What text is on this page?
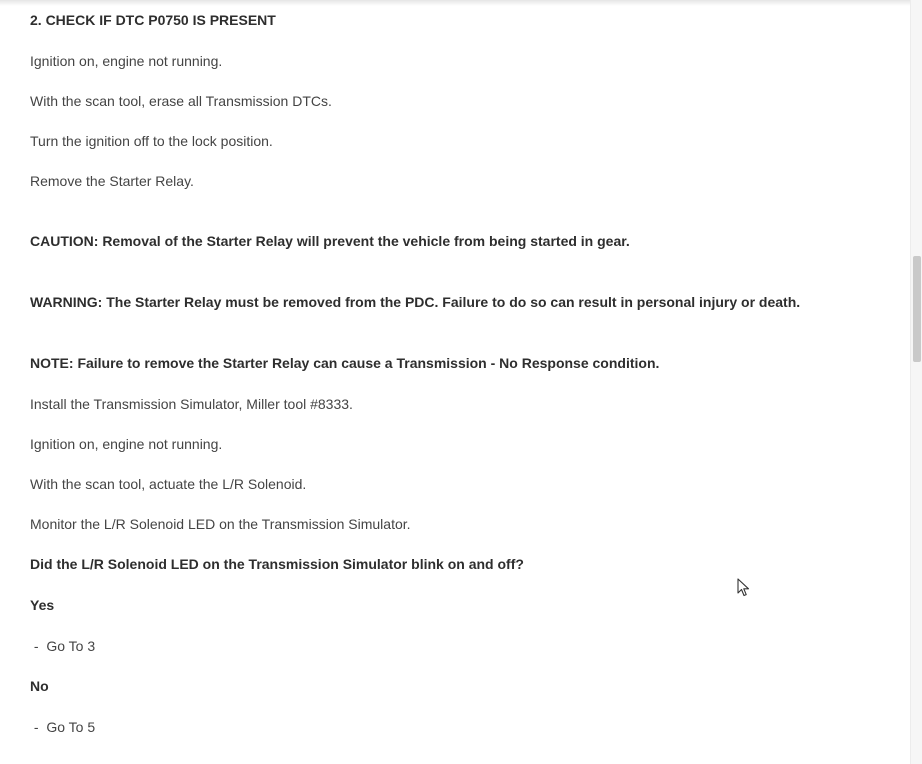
2. CHECK IF DTC P0750 IS PRESENT
Ignition on, engine not running.
With the scan tool, erase all Transmission DTCs.
Turn the ignition off to the lock position.
Remove the Starter Relay.
CAUTION: Removal of the Starter Relay will prevent the vehicle from being started in gear.
WARNING: The Starter Relay must be removed from the PDC. Failure to do so can result in personal injury or death.
NOTE: Failure to remove the Starter Relay can cause a Transmission - No Response condition.
Install the Transmission Simulator, Miller tool #8333.
Ignition on, engine not running.
With the scan tool, actuate the L/R Solenoid.
Monitor the L/R Solenoid LED on the Transmission Simulator.
Did the L/R Solenoid LED on the Transmission Simulator blink on and off?
Yes
-  Go To 3
No
-  Go To 5
